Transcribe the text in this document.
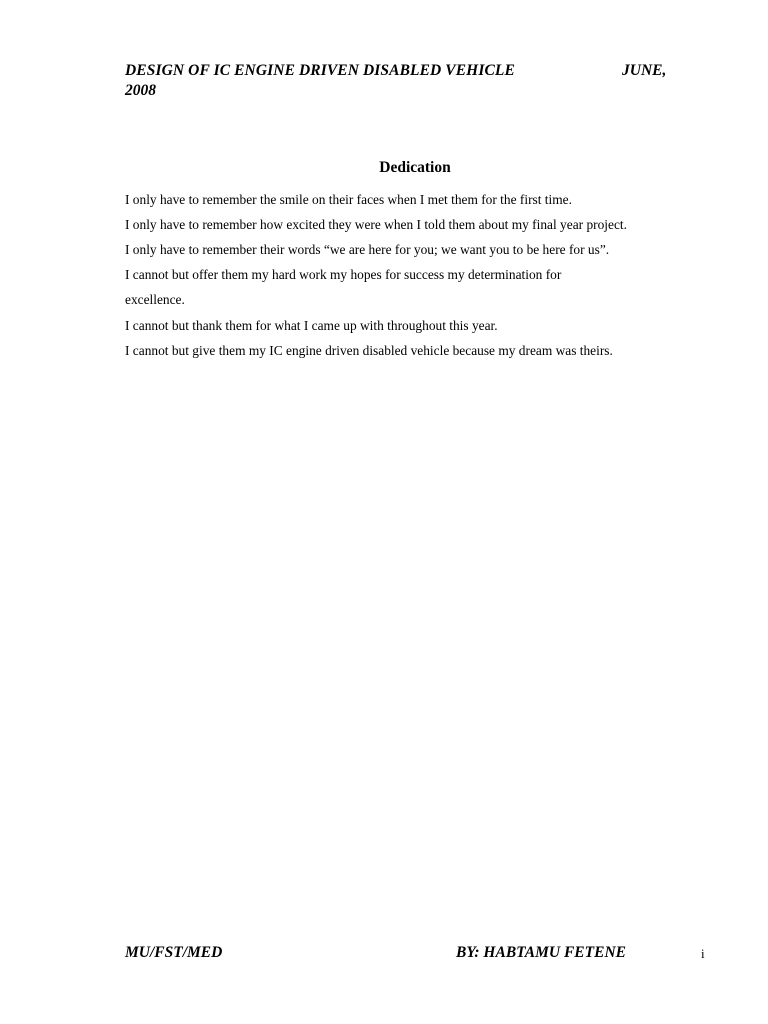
DESIGN OF IC ENGINE DRIVEN DISABLED VEHICLE	JUNE,
2008
Dedication
I only have to remember the smile on their faces when I met them for the first time.
I only have to remember how excited they were when I told them about my final year project.
I only have to remember their words “we are here for you; we want you to be here for us”.
I cannot but offer them my hard work my hopes for success my determination for
excellence.
I cannot but thank them for what I came up with throughout this year.
I cannot but give them my IC engine driven disabled vehicle because my dream was theirs.
MU/FST/MED	BY: HABTAMU FETENE	i
